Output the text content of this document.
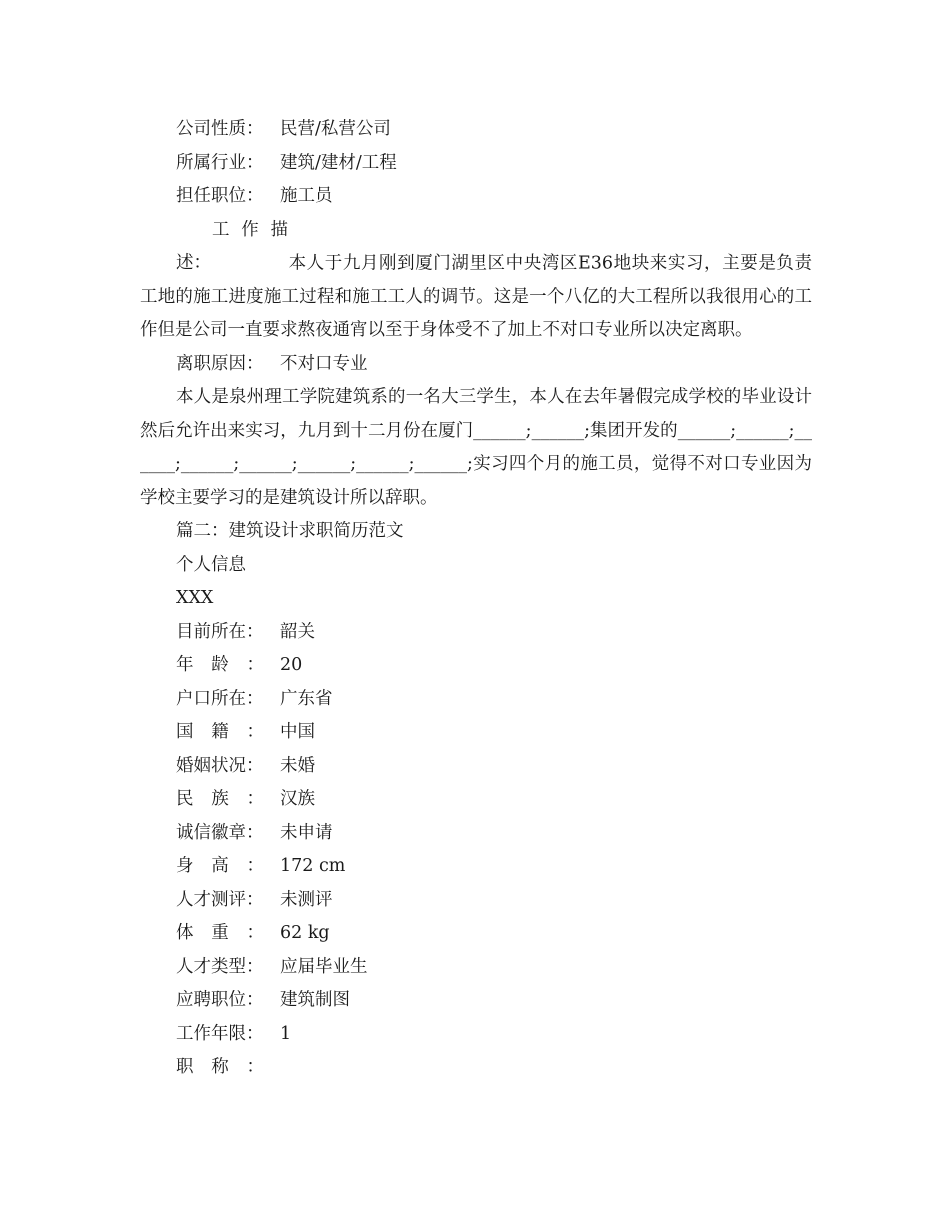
公司性质： 民营/私营公司
所属行业： 建筑/建材/工程
担任职位： 施工员

工作描述：	本人于九月刚到厦门湖里区中央湾区E36地块来实习，主要是负责工地的施工进度施工过程和施工工人的调节。这是一个八亿的大工程所以我很用心的工作但是公司一直要求熬夜通宵以至于身体受不了加上不对口专业所以决定离职。

离职原因： 不对口专业

本人是泉州理工学院建筑系的一名大三学生，本人在去年暑假完成学校的毕业设计然后允许出来实习，九月到十二月份在厦门______;______;集团开发的______;______;______;______;______;______;______;______;实习四个月的施工员，觉得不对口专业因为学校主要学习的是建筑设计所以辞职。

篇二：建筑设计求职简历范文
个人信息
XXX
目前所在： 韶关
年龄： 20
户口所在： 广东省
国籍： 中国
婚姻状况： 未婚
民族： 汉族
诚信徽章： 未申请
身高： 172 cm
人才测评： 未测评
体重： 62 kg
人才类型： 应届毕业生
应聘职位： 建筑制图
工作年限： 1
职称：
